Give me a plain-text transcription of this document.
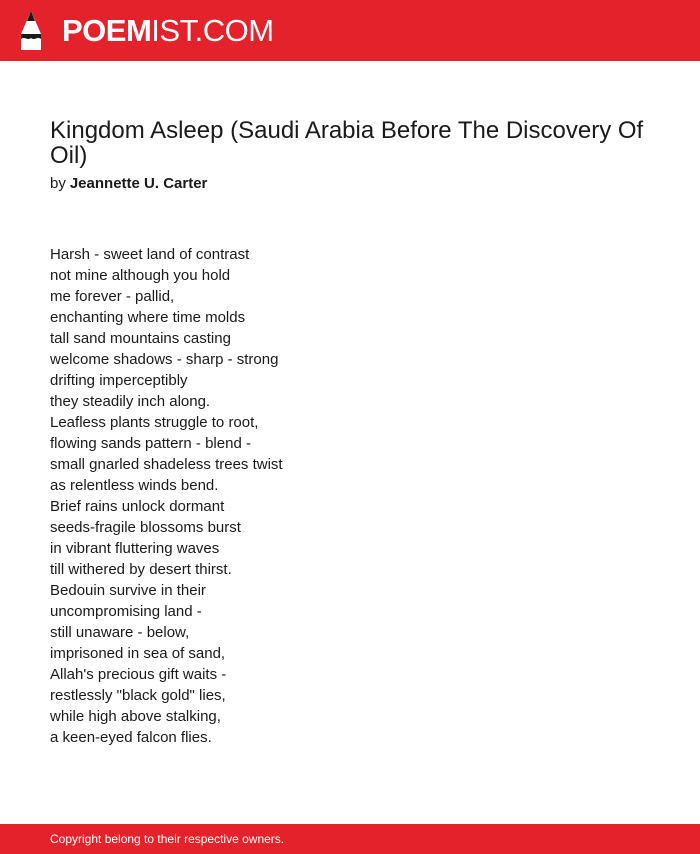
POEMIST.COM
Kingdom Asleep (Saudi Arabia Before The Discovery Of Oil)
by Jeannette U. Carter
Harsh - sweet land of contrast
not mine although you hold
me forever - pallid,
enchanting where time molds
tall sand mountains casting
welcome shadows - sharp - strong
drifting imperceptibly
they steadily inch along.
Leafless plants struggle to root,
flowing sands pattern - blend -
small gnarled shadeless trees twist
as relentless winds bend.
Brief rains unlock dormant
seeds-fragile blossoms burst
in vibrant fluttering waves
till withered by desert thirst.
Bedouin survive in their
uncompromising land -
still unaware - below,
imprisoned in sea of sand,
Allah's precious gift waits -
restlessly "black gold" lies,
while high above stalking,
a keen-eyed falcon flies.
Copyright belong to their respective owners.
